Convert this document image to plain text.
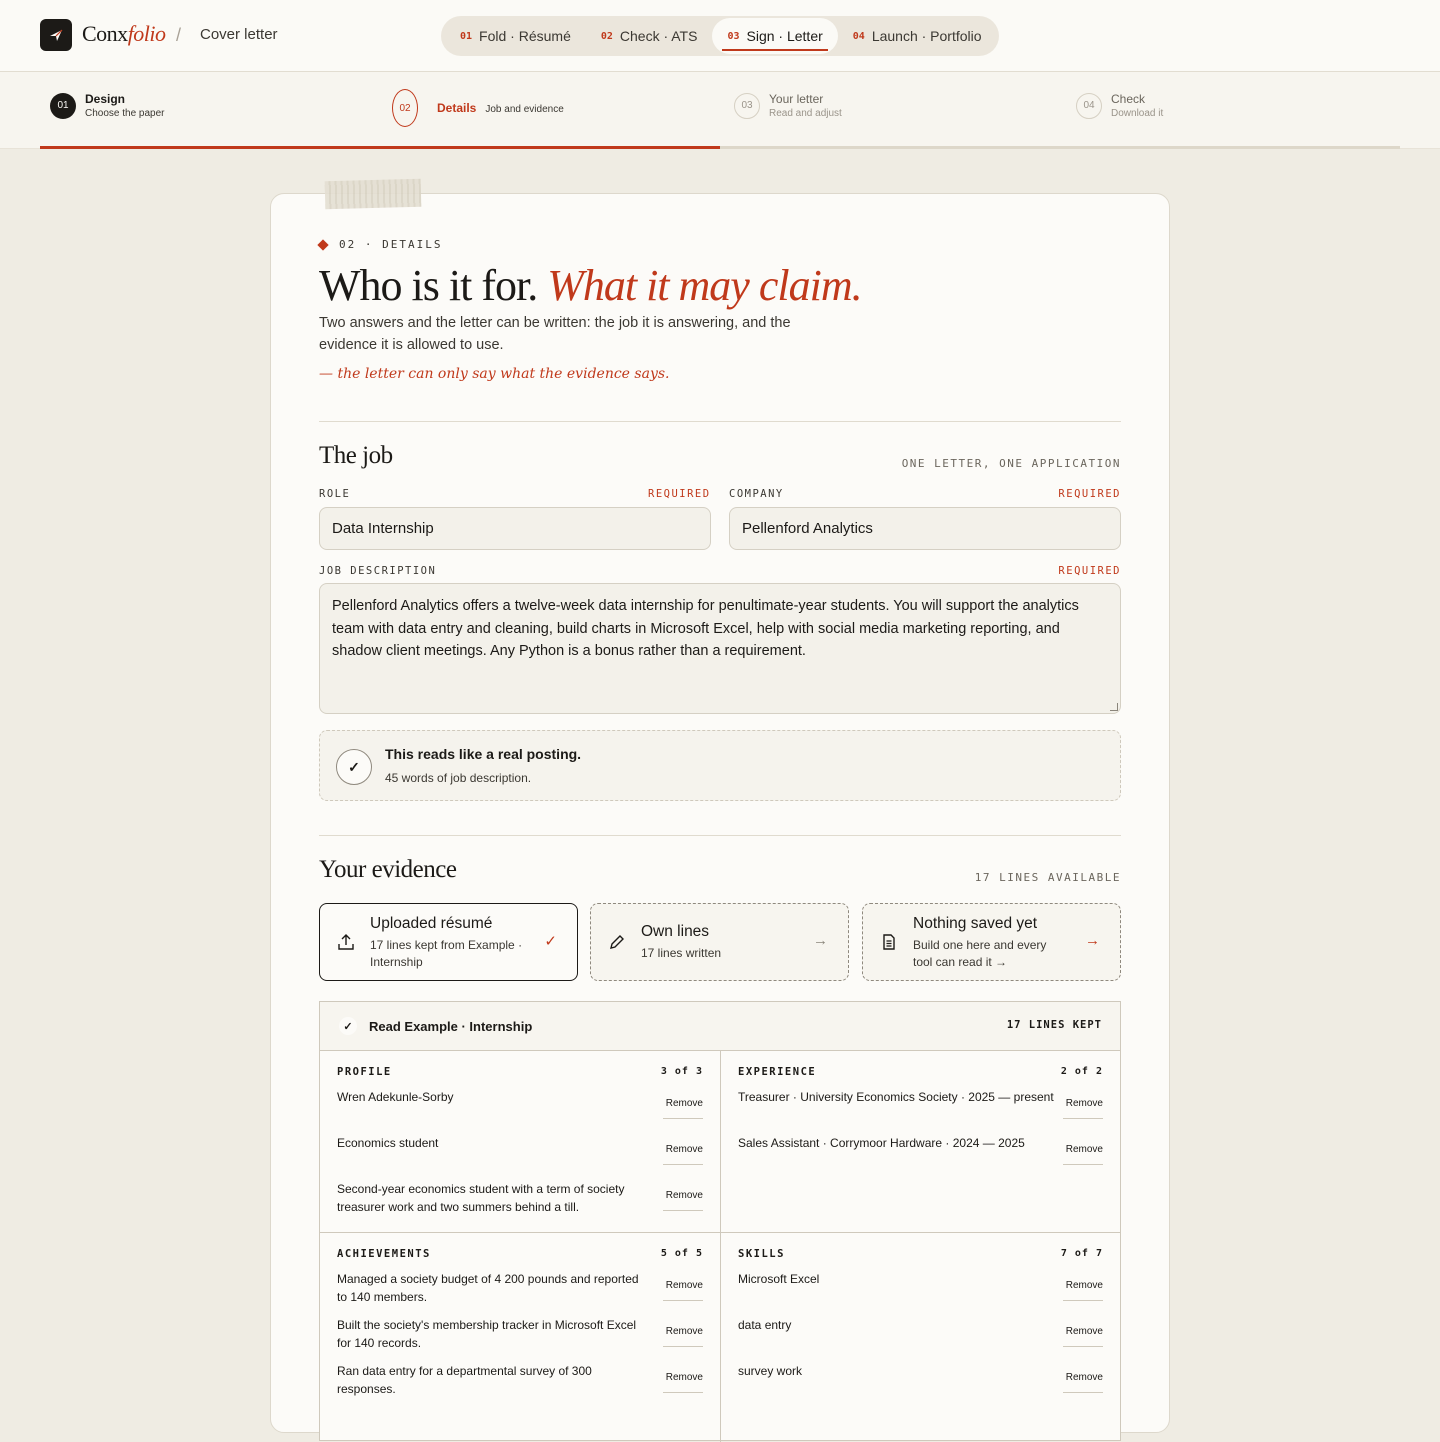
Conxfolio / Cover letter	01 Fold · Résumé	02 Check · ATS	03 Sign · Letter	04 Launch · Portfolio
01	Design
Choose the paper	02	Details Job and evidence	03	Your letter
Read and adjust
04	Check
Download it
02 · DETAILS
Who is it for. What it may claim.
Two answers and the letter can be written: the job it is answering, and the evidence it is allowed to use.
— the letter can only say what the evidence says.
The job	ONE LETTER, ONE APPLICATION
ROLE	REQUIRED
Data Internship
COMPANY	REQUIRED
Pellenford Analytics
JOB DESCRIPTION	REQUIRED
Pellenford Analytics offers a twelve-week data internship for penultimate-year students. You will support the analytics team with data entry and cleaning, build charts in Microsoft Excel, help with social media marketing reporting, and shadow client meetings. Any Python is a bonus rather than a requirement.
✓
This reads like a real posting.
45 words of job description.
Your evidence	17 LINES AVAILABLE
Uploaded résumé
17 lines kept from Example · Internship
✓
Own lines
17 lines written
→
Nothing saved yet
Build one here and every tool can read it →
→
✓	Read Example · Internship	17 LINES KEPT
PROFILE	3 of 3
Wren Adekunle-Sorby	Remove
Economics student	Remove
Second-year economics student with a term of society treasurer work and two summers behind a till.
Remove
EXPERIENCE	2 of 2
Treasurer · University Economics Society · 2025 — present	Remove
Sales Assistant · Corrymoor Hardware · 2024 — 2025	Remove
ACHIEVEMENTS	5 of 5
Managed a society budget of 4 200 pounds and reported to 140 members.
Remove
Built the society's membership tracker in Microsoft Excel for 140 records.
Remove
Ran data entry for a departmental survey of 300 responses.
Remove
SKILLS	7 of 7
Microsoft Excel	Remove
data entry	Remove
survey work	Remove
